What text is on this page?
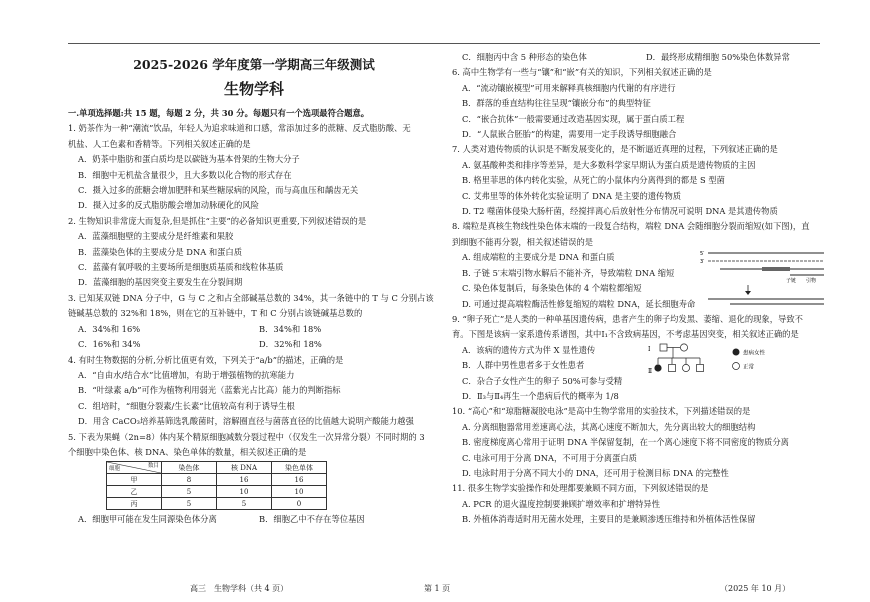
2025-2026 学年度第一学期高三年级测试
生物学科
一.单项选择题:共 15 题，每题 2 分，共 30 分。每题只有一个选项最符合题意。
1. 奶茶作为一种“潮流”饮品，年轻人为追求味道和口感，常添加过多的蔗糖、反式脂肪酸、无
机盐、人工色素和香精等。下列相关叙述正确的是
A．奶茶中脂肪和蛋白质均是以碳链为基本骨架的生物大分子
B．细胞中无机盐含量很少，且大多数以化合物的形式存在
C．摄入过多的蔗糖会增加肥胖和某些糖尿病的风险，而与高血压和龋齿无关
D．摄入过多的反式脂肪酸会增加动脉硬化的风险
2. 生物知识非常庞大而复杂,但是抓住“主要”的必备知识更重要,下列叙述错误的是
A．蓝藻细胞壁的主要成分是纤维素和果胶
B．蓝藻染色体的主要成分是 DNA 和蛋白质
C．蓝藻有氧呼吸的主要场所是细胞质基质和线粒体基质
D．蓝藻细胞的基因突变主要发生在分裂间期
3. 已知某双链 DNA 分子中，G 与 C 之和占全部碱基总数的 34%，其一条链中的 T 与 C 分别占该
链碱基总数的 32%和 18%，则在它的互补链中，T 和 C 分别占该链碱基总数的
A．34%和 16%	B．34%和 18%
C．16%和 34%	D．32%和 18%
4. 有时生物数据的分析,分析比值更有效，下列关于“a/b”的描述，正确的是
A．“自由水/结合水”比值增加，有助于增强植物的抗寒能力
B．“叶绿素 a/b”可作为植物利用弱光（蓝紫光占比高）能力的判断指标
C．组培时，“细胞分裂素/生长素”比值较高有利于诱导生根
D．用含 CaCO₃培养基筛选乳酸菌时，溶解圈直径与菌落直径的比值越大说明产酸能力越强
5. 下表为果蝇（2n=8）体内某个精原细胞减数分裂过程中（仅发生一次异常分裂）不同时期的 3
个细胞中染色体、核 DNA、染色单体的数量，相关叙述正确的是
数目
细胞	染色体	核 DNA	染色单体
甲	8	16	16
乙	5	10	10
丙	5	5	0
A．细胞甲可能在发生同源染色体分离	B．细胞乙中不存在等位基因
C．细胞丙中含 5 种形态的染色体	D．最终形成精细胞 50%染色体数异常
6. 高中生物学有一些与“镶”和“嵌”有关的知识，下列相关叙述正确的是
A．“流动镶嵌模型”可用来解释真核细胞内代谢的有序进行
B．群落的垂直结构往往呈现“镶嵌分布”的典型特征
C．“嵌合抗体”一般需要通过改造基因实现，属于蛋白质工程
D．“人鼠嵌合胚胎”的构建，需要用一定手段诱导细胞融合
7. 人类对遗传物质的认识是不断发展变化的，是不断逼近真理的过程，下列叙述正确的是
A. 氨基酸种类和排序等差异，是大多数科学家早期认为蛋白质是遗传物质的主因
B. 格里菲思的体内转化实验，从死亡的小鼠体内分离得到的都是 S 型菌
C. 艾弗里等的体外转化实验证明了 DNA 是主要的遗传物质
D. T2 噬菌体侵染大肠杆菌，经搅拌离心后放射性分布情况可说明 DNA 是其遗传物质
8. 端粒是真核生物线性染色体末端的一段复合结构，端粒 DNA 会随细胞分裂而缩短(如下图)，直
到细胞不能再分裂，相关叙述错误的是
A. 组成端粒的主要成分是 DNA 和蛋白质
B. 子链 5′末端引物水解后不能补齐，导致端粒 DNA 缩短
C. 染色体复制后，每条染色体的 4 个端粒都缩短
D. 可通过提高端粒酶活性修复缩短的端粒 DNA，延长细胞寿命
5′
3′
子链 引物
9. “卵子死亡”是人类的一种单基因遗传病，患者产生的卵子均发黑、萎缩、退化的现象，导致不
育。下图是该病一家系遗传系谱图，其中Ⅰ₁不含致病基因，不考虑基因突变，相关叙述正确的是
A．该病的遗传方式为伴 X 显性遗传
B．人群中男性患者多于女性患者
C．杂合子女性产生的卵子 50%可参与受精
D．Ⅱ₃与Ⅱ₄再生一个患病后代的概率为 1/8
Ⅰ
Ⅱ
患病女性
正常
10. “高心”和“琼脂糖凝胶电泳”是高中生物学常用的实验技术，下列描述错误的是
A. 分离细胞器常用差速离心法，其离心速度不断加大，先分离出较大的细胞结构
B. 密度梯度离心常用于证明 DNA 半保留复制，在一个离心速度下将不同密度的物质分离
C. 电泳可用于分离 DNA，不可用于分离蛋白质
D. 电泳时用于分离不同大小的 DNA，还可用于检测目标 DNA 的完整性
11. 很多生物学实验操作和处理都要兼顾不同方面，下列叙述错误的是
A. PCR 的退火温度控制要兼顾扩增效率和扩增特异性
B. 外植体消毒适时用无菌水处理，主要目的是兼顾渗透压维持和外植体活性保留
高三　生物学科（共 4 页）	第 1 页	（2025 年 10 月）
